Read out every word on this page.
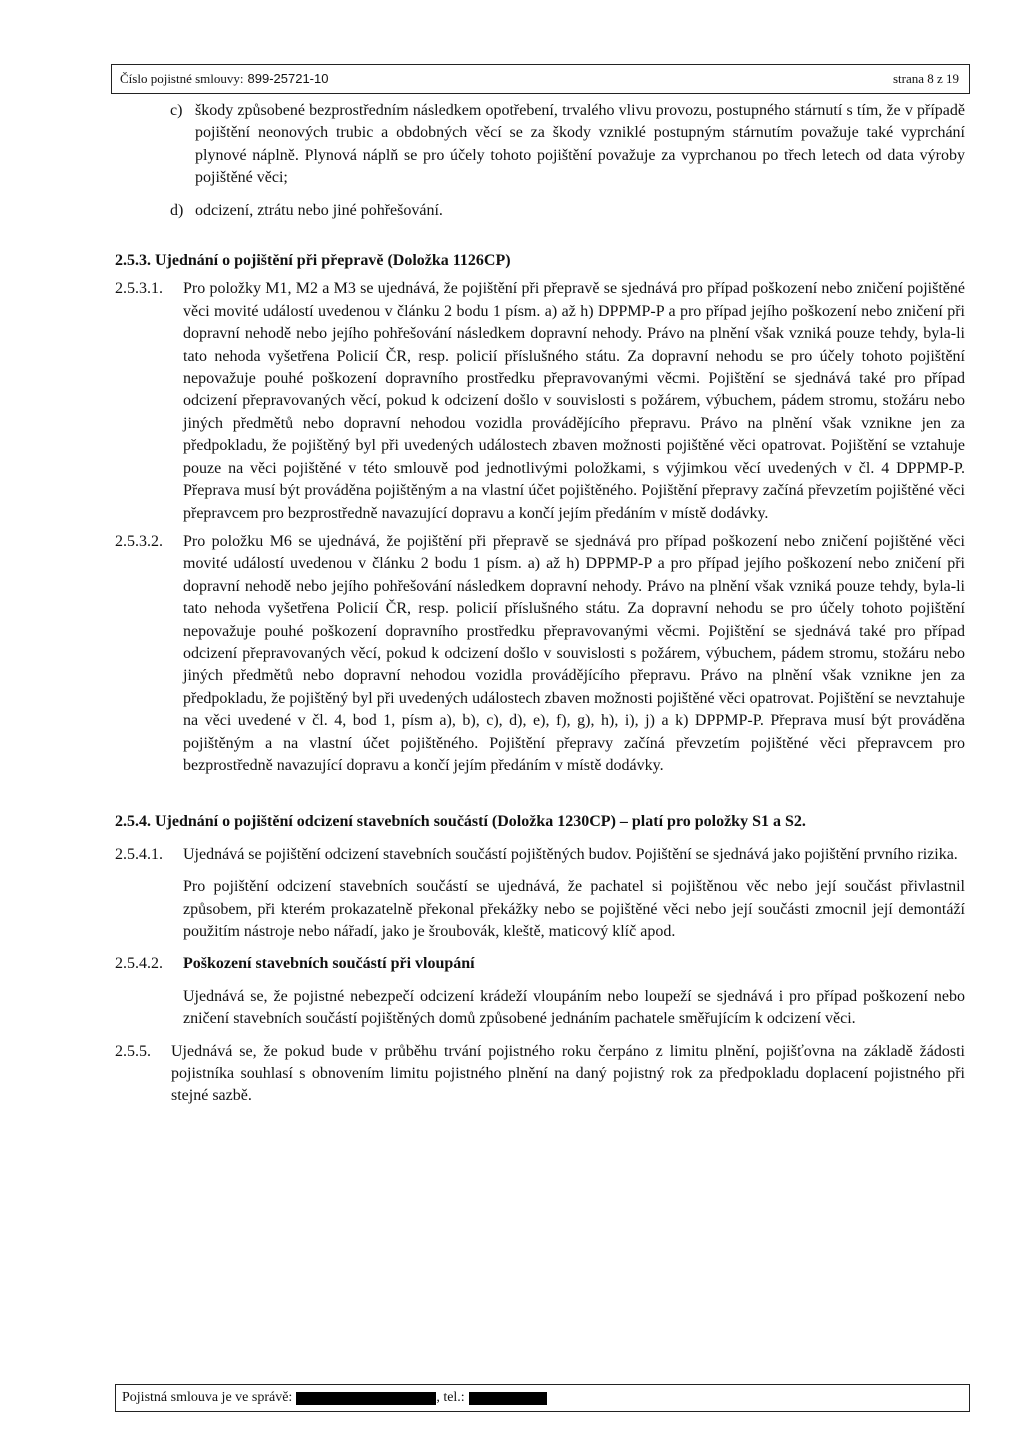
Číslo pojistné smlouvy: 899-25721-10	strana 8 z 19
c) škody způsobené bezprostředním následkem opotřebení, trvalého vlivu provozu, postupného stárnutí s tím, že v případě pojištění neonových trubic a obdobných věcí se za škody vzniklé postupným stárnutím považuje také vyprchání plynové náplně. Plynová náplň se pro účely tohoto pojištění považuje za vyprchanou po třech letech od data výroby pojištěné věci;
d) odcizení, ztrátu nebo jiné pohřešování.

2.5.3. Ujednání o pojištění při přepravě (Doložka 1126CP)

2.5.3.1.	Pro položky M1, M2 a M3 se ujednává, že pojištění při přepravě se sjednává pro případ poškození nebo zničení pojištěné věci movité událostí uvedenou v článku 2 bodu 1 písm. a) až h) DPPMP-P a pro případ jejího poškození nebo zničení při dopravní nehodě nebo jejího pohřešování následkem dopravní nehody. Právo na plnění však vzniká pouze tehdy, byla-li tato nehoda vyšetřena Policií ČR, resp. policií příslušného státu. Za dopravní nehodu se pro účely tohoto pojištění nepovažuje pouhé poškození dopravního prostředku přepravovanými věcmi. Pojištění se sjednává také pro případ odcizení přepravovaných věcí, pokud k odcizení došlo v souvislosti s požárem, výbuchem, pádem stromu, stožáru nebo jiných předmětů nebo dopravní nehodou vozidla provádějícího přepravu. Právo na plnění však vznikne jen za předpokladu, že pojištěný byl při uvedených událostech zbaven možnosti pojištěné věci opatrovat. Pojištění se vztahuje pouze na věci pojištěné v této smlouvě pod jednotlivými položkami, s výjimkou věcí uvedených v čl. 4 DPPMP-P. Přeprava musí být prováděna pojištěným a na vlastní účet pojištěného. Pojištění přepravy začíná převzetím pojištěné věci přepravcem pro bezprostředně navazující dopravu a končí jejím předáním v místě dodávky.
2.5.3.2.	Pro položku M6 se ujednává, že pojištění při přepravě se sjednává pro případ poškození nebo zničení pojištěné věci movité událostí uvedenou v článku 2 bodu 1 písm. a) až h) DPPMP-P a pro případ jejího poškození nebo zničení při dopravní nehodě nebo jejího pohřešování následkem dopravní nehody. Právo na plnění však vzniká pouze tehdy, byla-li tato nehoda vyšetřena Policií ČR, resp. policií příslušného státu. Za dopravní nehodu se pro účely tohoto pojištění nepovažuje pouhé poškození dopravního prostředku přepravovanými věcmi. Pojištění se sjednává také pro případ odcizení přepravovaných věcí, pokud k odcizení došlo v souvislosti s požárem, výbuchem, pádem stromu, stožáru nebo jiných předmětů nebo dopravní nehodou vozidla provádějícího přepravu. Právo na plnění však vznikne jen za předpokladu, že pojištěný byl při uvedených událostech zbaven možnosti pojištěné věci opatrovat. Pojištění se nevztahuje na věci uvedené v čl. 4, bod 1, písm a), b), c), d), e), f), g), h), i), j) a k) DPPMP-P. Přeprava musí být prováděna pojištěným a na vlastní účet pojištěného. Pojištění přepravy začíná převzetím pojištěné věci přepravcem pro bezprostředně navazující dopravu a končí jejím předáním v místě dodávky.

2.5.4. Ujednání o pojištění odcizení stavebních součástí (Doložka 1230CP) – platí pro položky S1 a S2.

2.5.4.1.	Ujednává se pojištění odcizení stavebních součástí pojištěných budov. Pojištění se sjednává jako pojištění prvního rizika.

Pro pojištění odcizení stavebních součástí se ujednává, že pachatel si pojištěnou věc nebo její součást přivlastnil způsobem, při kterém prokazatelně překonal překážky nebo se pojištěné věci nebo její součásti zmocnil její demontáží použitím nástroje nebo nářadí, jako je šroubovák, kleště, maticový klíč apod.

2.5.4.2.	Poškození stavebních součástí při vloupání

Ujednává se, že pojistné nebezpečí odcizení krádeží vloupáním nebo loupeží se sjednává i pro případ poškození nebo zničení stavebních součástí pojištěných domů způsobené jednáním pachatele směřujícím k odcizení věci.

2.5.5.	Ujednává se, že pokud bude v průběhu trvání pojistného roku čerpáno z limitu plnění, pojišťovna na základě žádosti pojistníka souhlasí s obnovením limitu pojistného plnění na daný pojistný rok za předpokladu doplacení pojistného při stejné sazbě.
Pojistná smlouva je ve správě:	, tel.:
